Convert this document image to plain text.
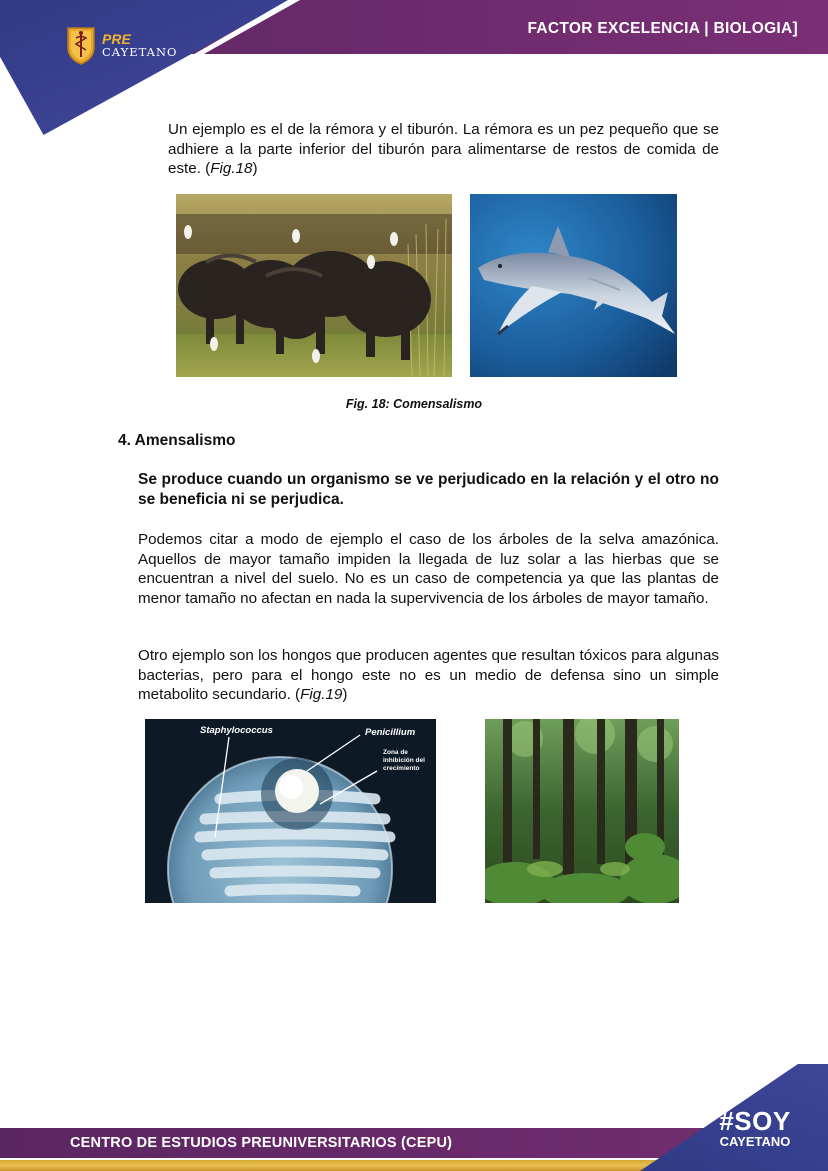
FACTOR EXCELENCIA | BIOLOGIA]
PRE
CAYETANO

Un ejemplo es el de la rémora y el tiburón. La rémora es un pez pequeño que se adhiere a la parte inferior del tiburón para alimentarse de restos de comida de este. (Fig.18)

Fig. 18: Comensalismo
4. Amensalismo

Se produce cuando un organismo se ve perjudicado en la relación y el otro no se beneficia ni se perjudica.

Podemos citar a modo de ejemplo el caso de los árboles de la selva amazónica. Aquellos de mayor tamaño impiden la llegada de luz solar a las hierbas que se encuentran a nivel del suelo. No es un caso de competencia ya que las plantas de menor tamaño no afectan en nada la supervivencia de los árboles de mayor tamaño.

Otro ejemplo son los hongos que producen agentes que resultan tóxicos para algunas bacterias, pero para el hongo este no es un medio de defensa sino un simple metabolito secundario. (Fig.19)

Staphylococcus	Penicillium
Zona de
inhibición del
crecimiento
CENTRO DE ESTUDIOS PREUNIVERSITARIOS (CEPU)
#SOY
CAYETANO
